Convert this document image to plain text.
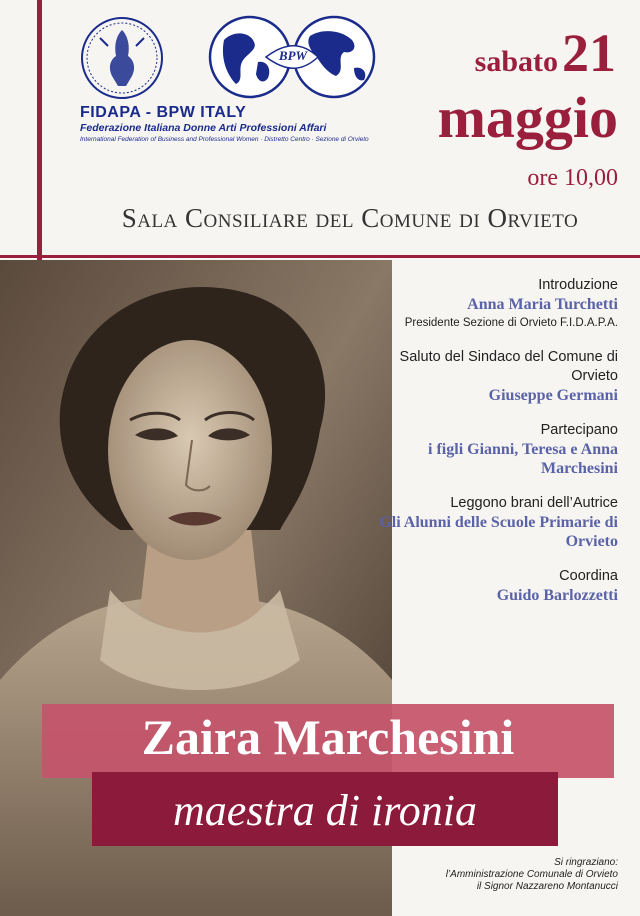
BPW
FIDAPA - BPW ITALY
Federazione Italiana Donne Arti Professioni Affari
International Federation of Business and Professional Women · Distretto Centro · Sezione di Orvieto
sabato 21
maggio
ore 10,00
Sala Consiliare del Comune di Orvieto
Introduzione
Anna Maria Turchetti
Presidente Sezione di Orvieto F.I.D.A.P.A.
Saluto del Sindaco del Comune di Orvieto
Giuseppe Germani
Partecipano
i figli Gianni, Teresa e Anna Marchesini
Leggono brani dell’Autrice
Gli Alunni delle Scuole Primarie di Orvieto
Coordina
Guido Barlozzetti
Zaira Marchesini
maestra di ironia
Si ringraziano:
l’Amministrazione Comunale di Orvieto
il Signor Nazzareno Montanucci
